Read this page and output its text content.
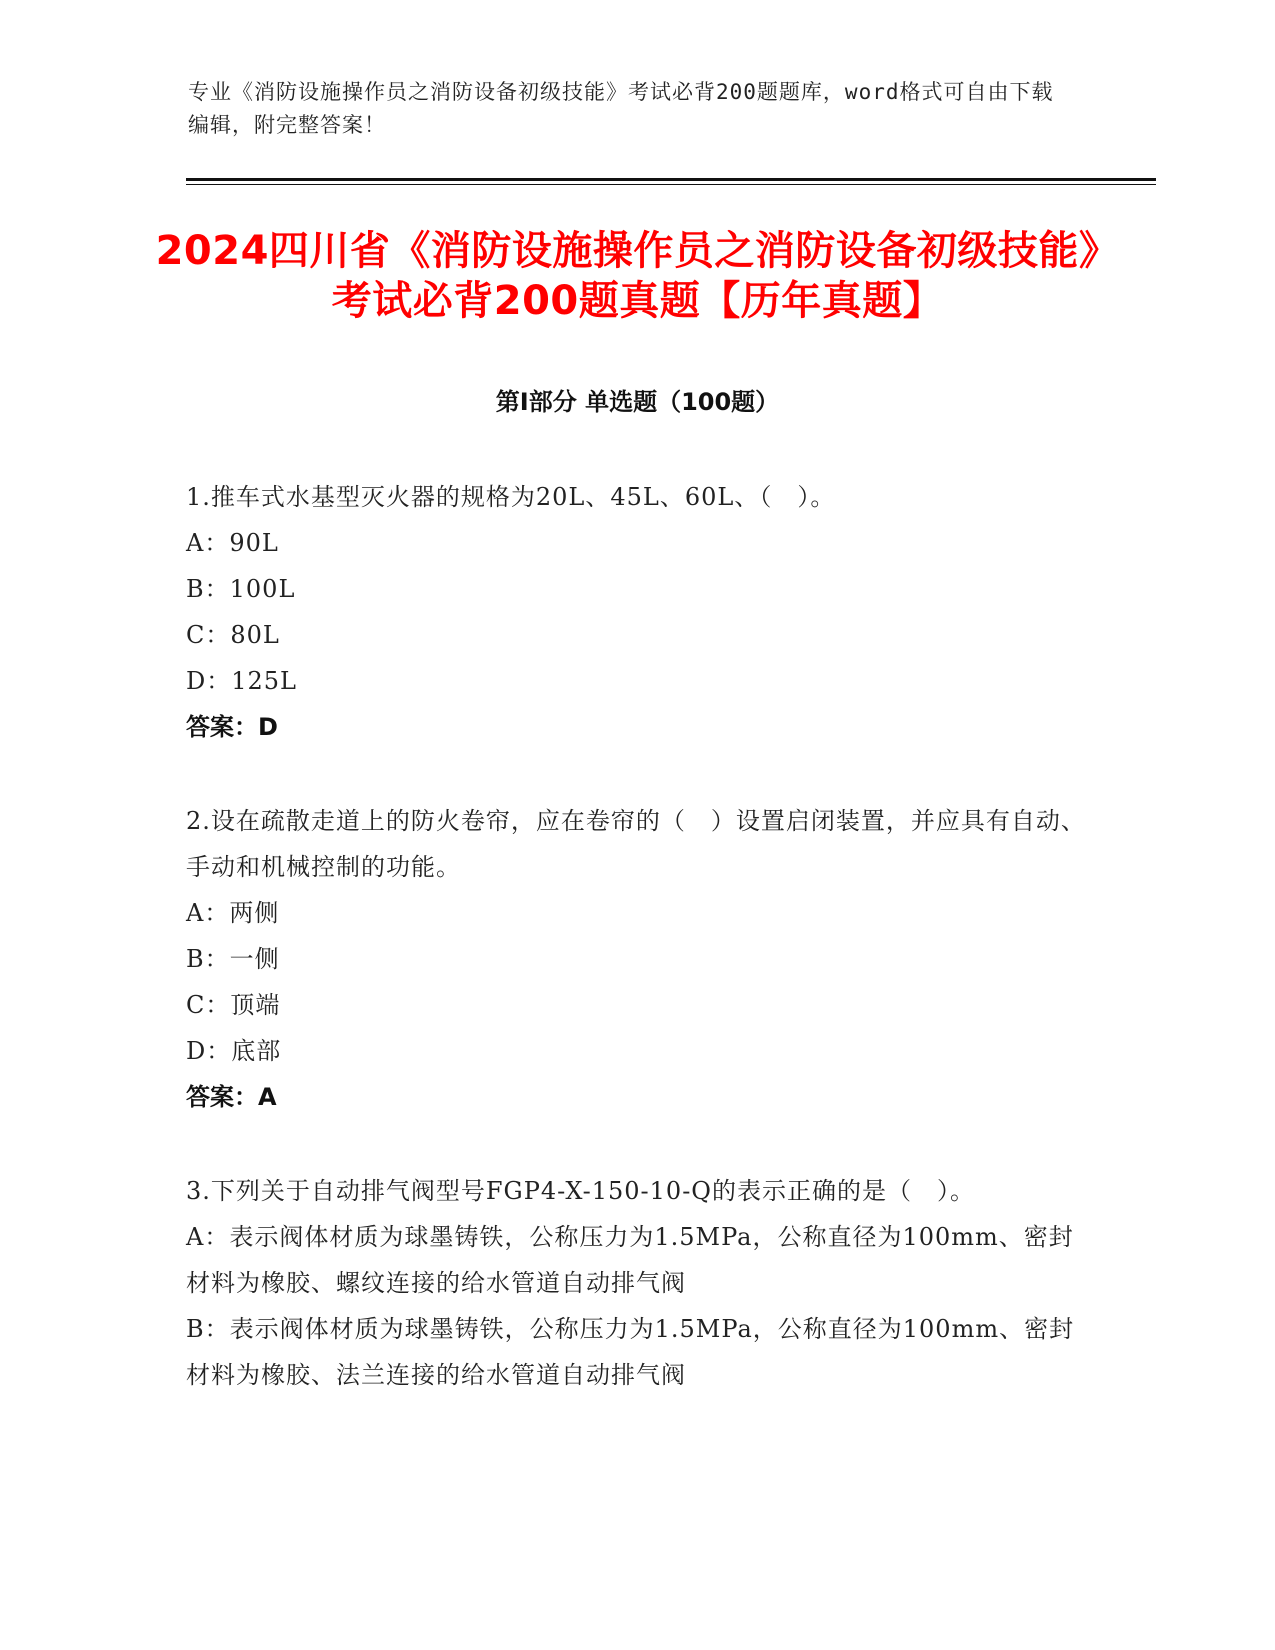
专业《消防设施操作员之消防设备初级技能》考试必背200题题库，word格式可自由下载编辑，附完整答案！
2024四川省《消防设施操作员之消防设备初级技能》考试必背200题真题【历年真题】
第Ⅰ部分 单选题（100题）
1.推车式水基型灭火器的规格为20L、45L、60L、（　）。
A：90L
B：100L
C：80L
D：125L
答案：D
2.设在疏散走道上的防火卷帘，应在卷帘的（　）设置启闭装置，并应具有自动、手动和机械控制的功能。
A：两侧
B：一侧
C：顶端
D：底部
答案：A
3.下列关于自动排气阀型号FGP4-X-150-10-Q的表示正确的是（　）。
A：表示阀体材质为球墨铸铁，公称压力为1.5MPa，公称直径为100mm、密封材料为橡胶、螺纹连接的给水管道自动排气阀
B：表示阀体材质为球墨铸铁，公称压力为1.5MPa，公称直径为100mm、密封材料为橡胶、法兰连接的给水管道自动排气阀
